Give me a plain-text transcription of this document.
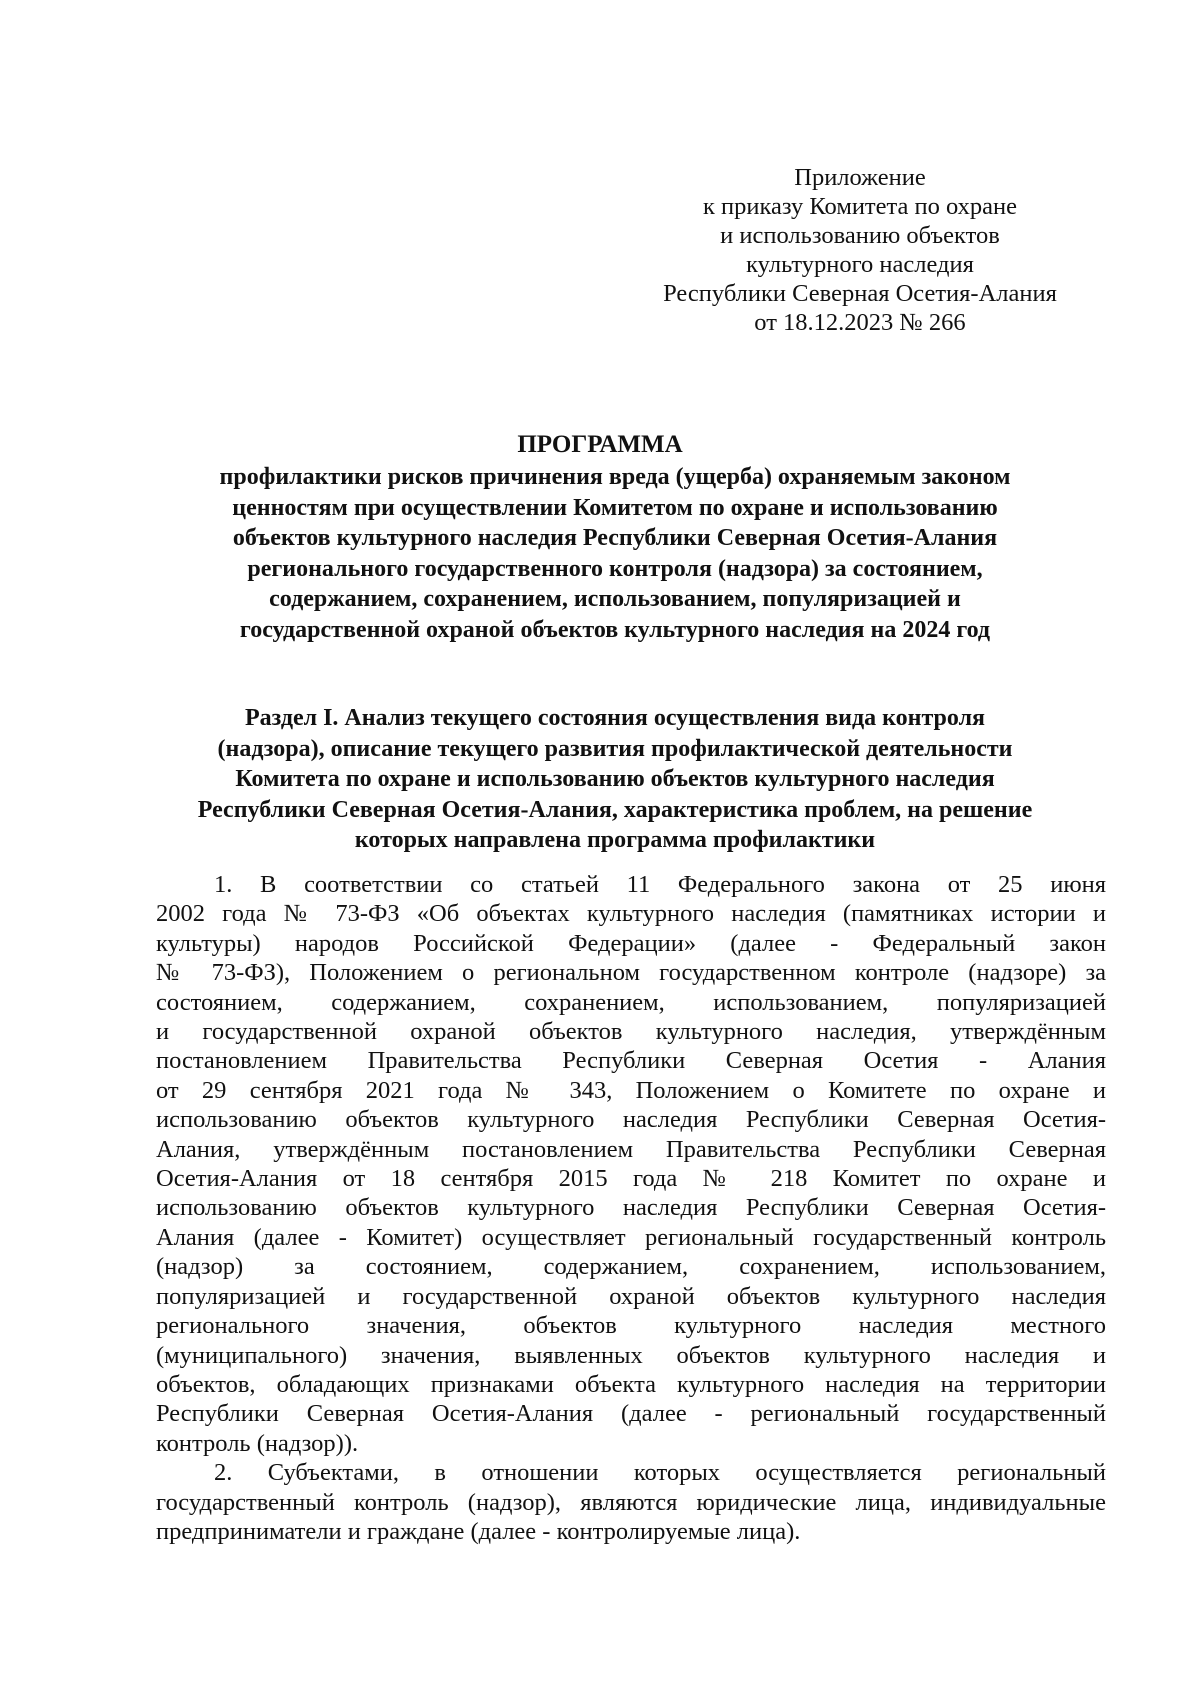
Приложение
к приказу Комитета по охране
и использованию объектов
культурного наследия
Республики Северная Осетия-Алания
от 18.12.2023 № 266
ПРОГРАММА
профилактики рисков причинения вреда (ущерба) охраняемым законом
ценностям при осуществлении Комитетом по охране и использованию
объектов культурного наследия Республики Северная Осетия-Алания
регионального государственного контроля (надзора) за состоянием,
содержанием, сохранением, использованием, популяризацией и
государственной охраной объектов культурного наследия на 2024 год
Раздел I. Анализ текущего состояния осуществления вида контроля
(надзора), описание текущего развития профилактической деятельности
Комитета по охране и использованию объектов культурного наследия
Республики Северная Осетия-Алания, характеристика проблем, на решение
которых направлена программа профилактики
1. В соответствии со статьей 11 Федерального закона от 25 июня
2002 года № 73-ФЗ «Об объектах культурного наследия (памятниках истории и
культуры) народов Российской Федерации» (далее - Федеральный закон
№ 73-ФЗ), Положением о региональном государственном контроле (надзоре) за
состоянием, содержанием, сохранением, использованием, популяризацией
и государственной охраной объектов культурного наследия, утверждённым
постановлением Правительства Республики Северная Осетия - Алания
от 29 сентября 2021 года № 343, Положением о Комитете по охране и
использованию объектов культурного наследия Республики Северная Осетия-
Алания, утверждённым постановлением Правительства Республики Северная
Осетия-Алания от 18 сентября 2015 года № 218 Комитет по охране и
использованию объектов культурного наследия Республики Северная Осетия-
Алания (далее - Комитет) осуществляет региональный государственный контроль
(надзор) за состоянием, содержанием, сохранением, использованием,
популяризацией и государственной охраной объектов культурного наследия
регионального значения, объектов культурного наследия местного
(муниципального) значения, выявленных объектов культурного наследия и
объектов, обладающих признаками объекта культурного наследия на территории
Республики Северная Осетия-Алания (далее - региональный государственный
контроль (надзор)).
2. Субъектами, в отношении которых осуществляется региональный
государственный контроль (надзор), являются юридические лица, индивидуальные
предприниматели и граждане (далее - контролируемые лица).
